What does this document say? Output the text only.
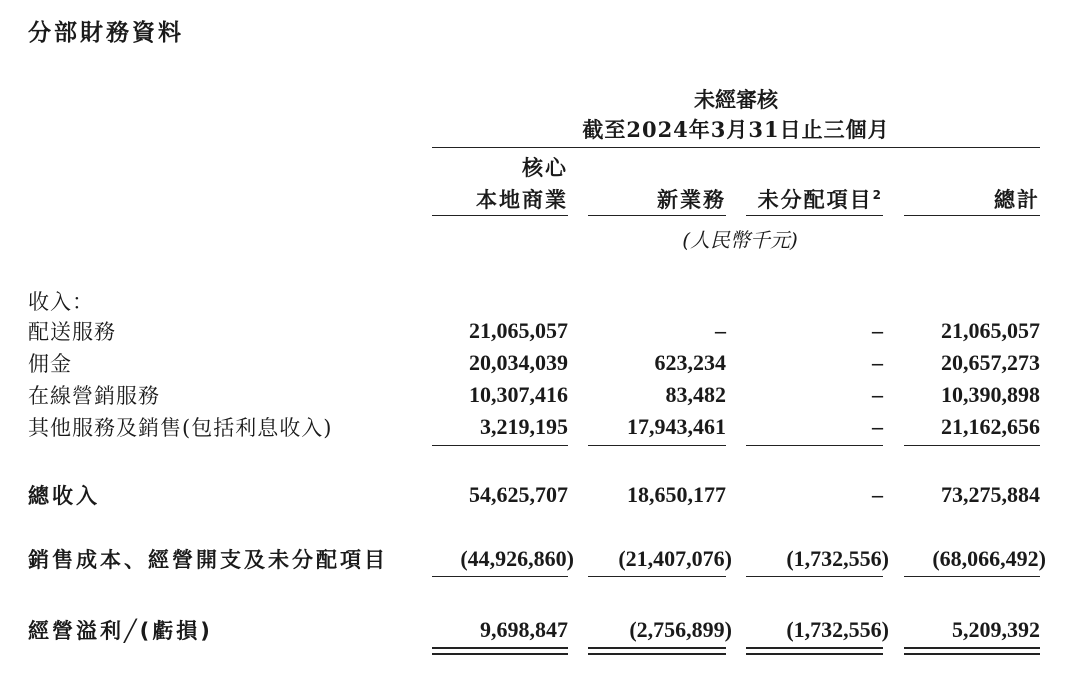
分部財務資料
未經審核
截至2024年3月31日止三個月
核心
本地商業	新業務	未分配項目$^2$	總計
(人民幣千元)
收入：
配送服務	21,065,057	–	–	21,065,057
佣金	20,034,039	623,234	–	20,657,273
在線營銷服務	10,307,416	83,482	–	10,390,898
其他服務及銷售(包括利息收入)	3,219,195	17,943,461	–	21,162,656
總收入	54,625,707	18,650,177	–	73,275,884
銷售成本、經營開支及未分配項目	(44,926,860)	(21,407,076)	(1,732,556)	(68,066,492)
經營溢利╱(虧損)	9,698,847	(2,756,899)	(1,732,556)	5,209,392
